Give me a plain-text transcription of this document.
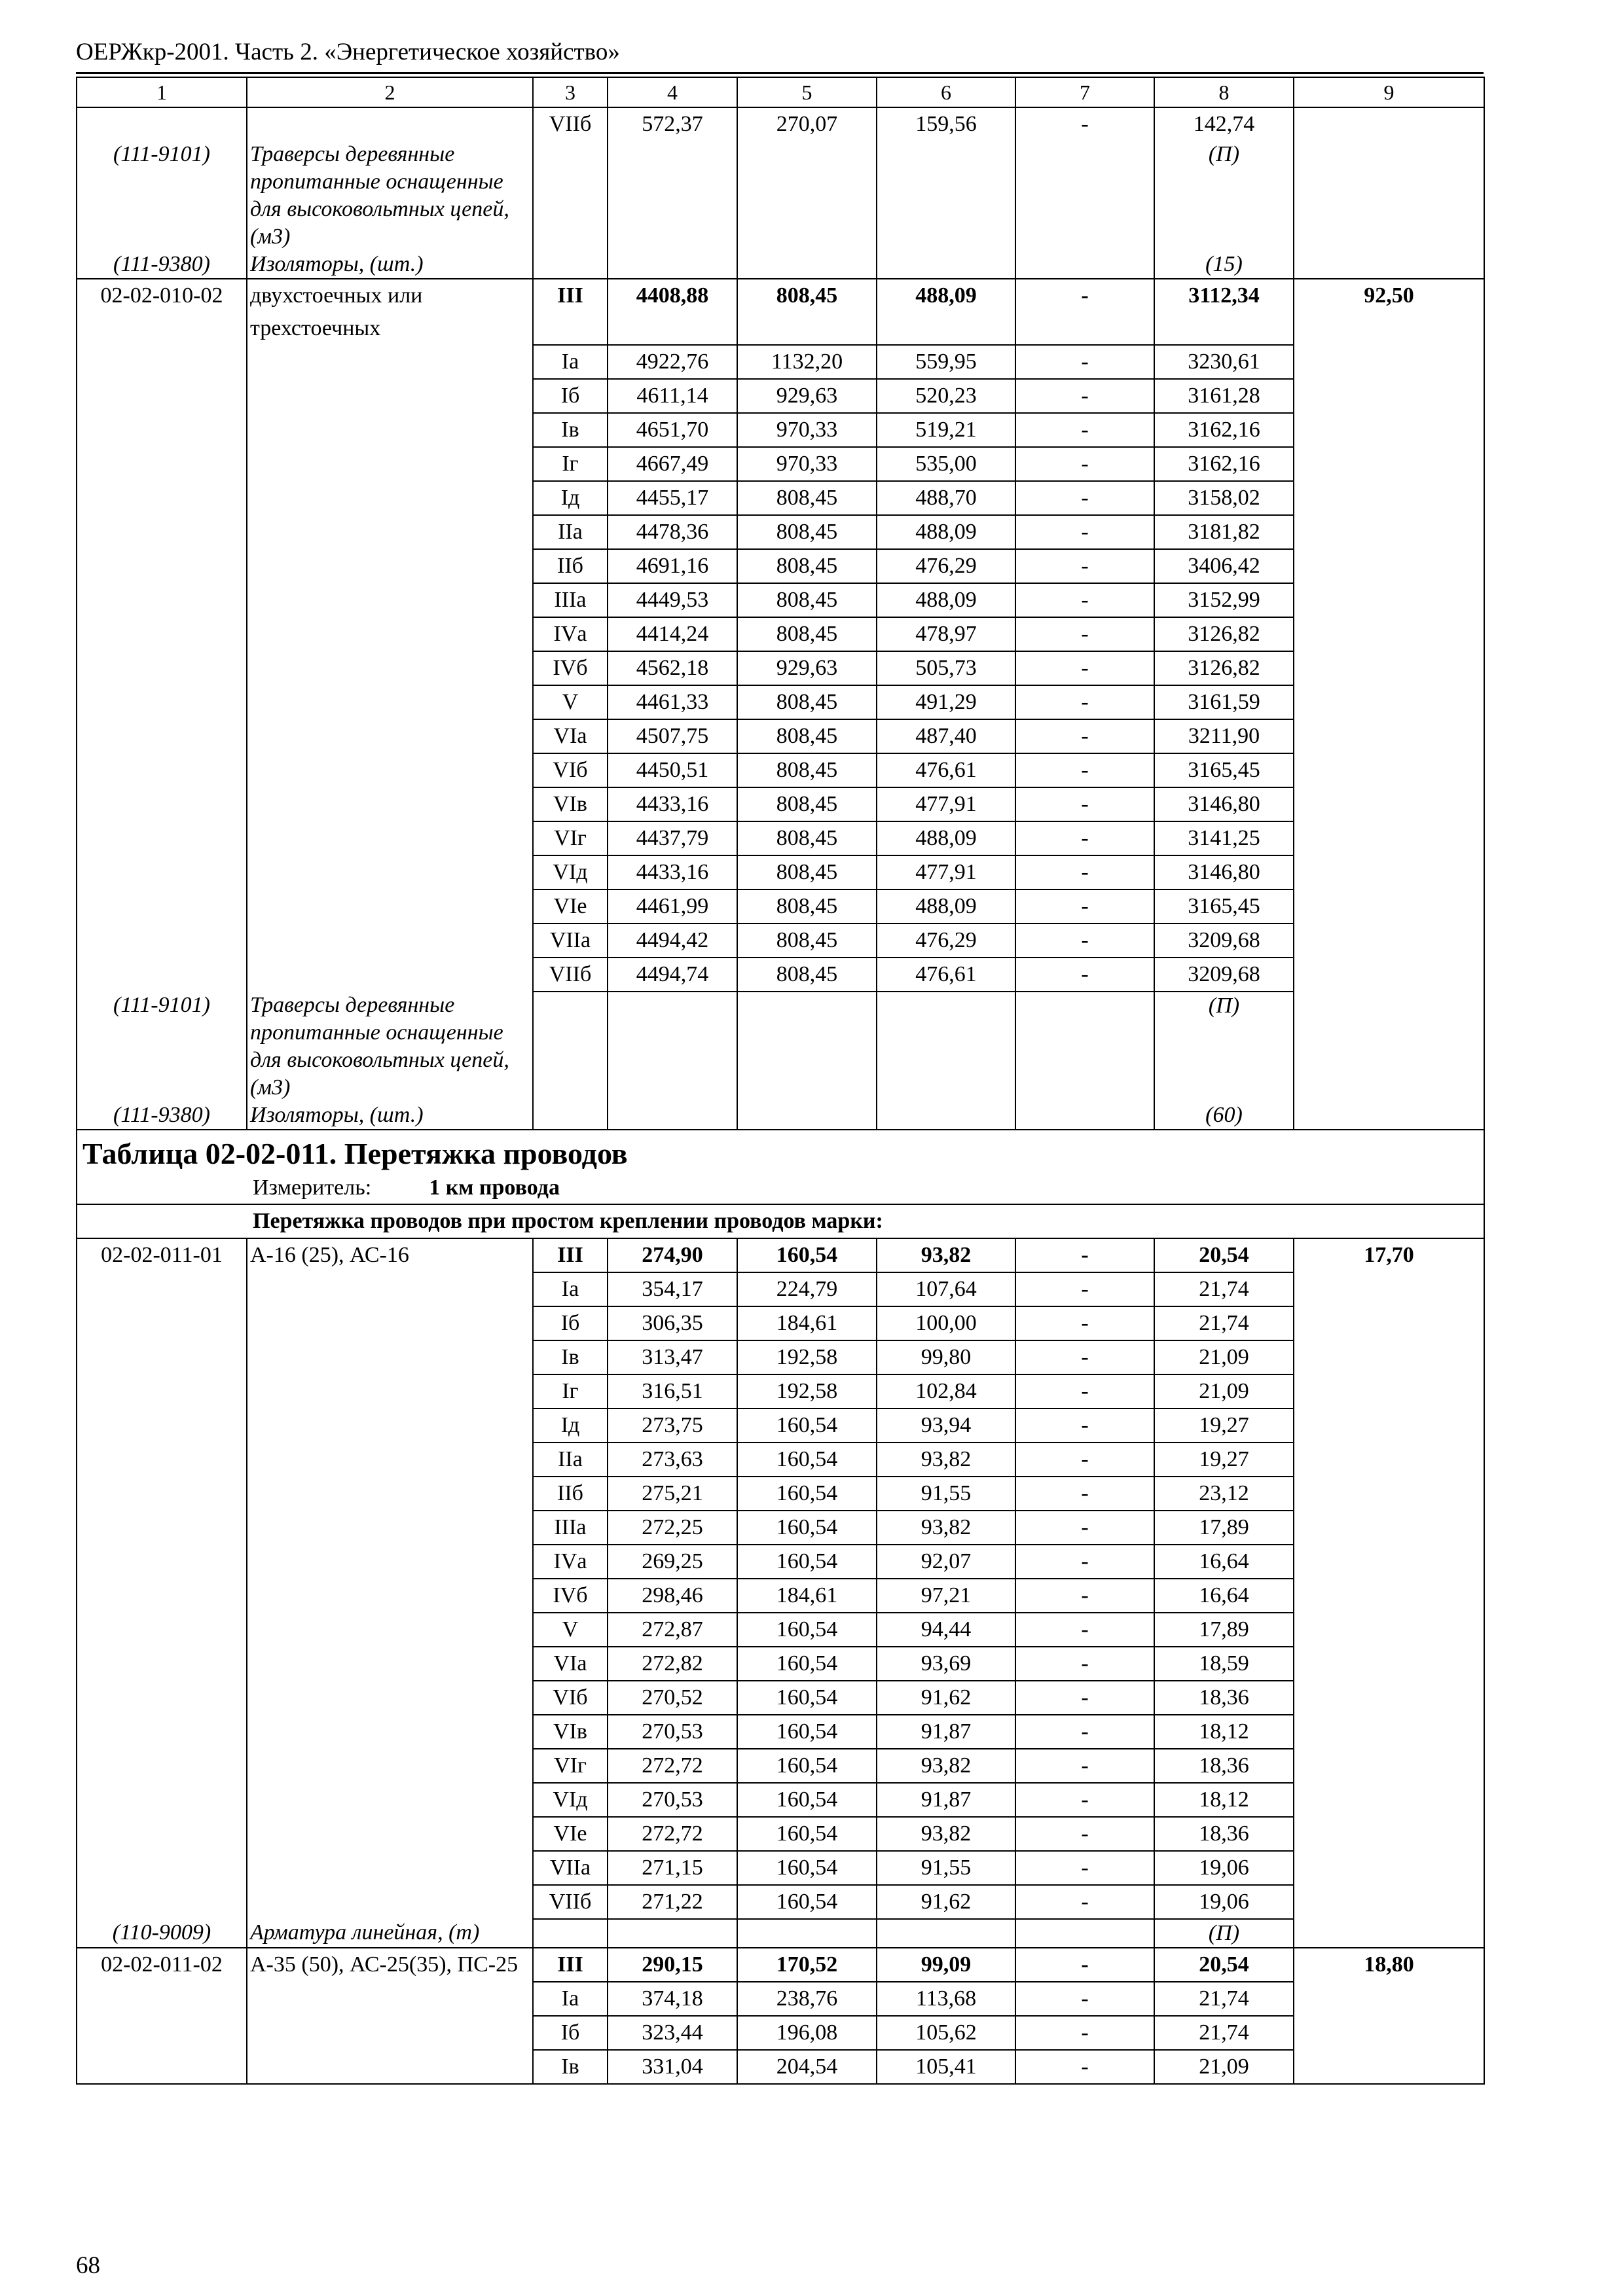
ОЕРЖкр-2001. Часть 2. «Энергетическое хозяйство»
1	2	3	4	5	6	7	8	9
		VIIб	572,37	270,07	159,56	-	142,74	
(111-9101)	Траверсы деревянные пропитанные оснащенные для высоковольтных цепей, (м3)						(П)	
(111-9380)	Изоляторы, (шт.)						(15)	
02-02-010-02	двухстоечных или трехстоечных	III	4408,88	808,45	488,09	-	3112,34	92,50
		Iа	4922,76	1132,20	559,95	-	3230,61	
		Iб	4611,14	929,63	520,23	-	3161,28	
		Iв	4651,70	970,33	519,21	-	3162,16	
		Iг	4667,49	970,33	535,00	-	3162,16	
		Iд	4455,17	808,45	488,70	-	3158,02	
		IIа	4478,36	808,45	488,09	-	3181,82	
		IIб	4691,16	808,45	476,29	-	3406,42	
		IIIа	4449,53	808,45	488,09	-	3152,99	
		IVа	4414,24	808,45	478,97	-	3126,82	
		IVб	4562,18	929,63	505,73	-	3126,82	
		V	4461,33	808,45	491,29	-	3161,59	
		VIа	4507,75	808,45	487,40	-	3211,90	
		VIб	4450,51	808,45	476,61	-	3165,45	
		VIв	4433,16	808,45	477,91	-	3146,80	
		VIг	4437,79	808,45	488,09	-	3141,25	
		VIд	4433,16	808,45	477,91	-	3146,80	
		VIе	4461,99	808,45	488,09	-	3165,45	
		VIIа	4494,42	808,45	476,29	-	3209,68	
		VIIб	4494,74	808,45	476,61	-	3209,68	
(111-9101)	Траверсы деревянные пропитанные оснащенные для высоковольтных цепей, (м3)						(П)	
(111-9380)	Изоляторы, (шт.)						(60)	
Таблица 02-02-011. Перетяжка проводов								
Измеритель: 1 км провода								
Перетяжка проводов при простом креплении проводов марки:								
02-02-011-01	А-16 (25), АС-16	III	274,90	160,54	93,82	-	20,54	17,70
		Iа	354,17	224,79	107,64	-	21,74	
		Iб	306,35	184,61	100,00	-	21,74	
		Iв	313,47	192,58	99,80	-	21,09	
		Iг	316,51	192,58	102,84	-	21,09	
		Iд	273,75	160,54	93,94	-	19,27	
		IIа	273,63	160,54	93,82	-	19,27	
		IIб	275,21	160,54	91,55	-	23,12	
		IIIа	272,25	160,54	93,82	-	17,89	
		IVа	269,25	160,54	92,07	-	16,64	
		IVб	298,46	184,61	97,21	-	16,64	
		V	272,87	160,54	94,44	-	17,89	
		VIа	272,82	160,54	93,69	-	18,59	
		VIб	270,52	160,54	91,62	-	18,36	
		VIв	270,53	160,54	91,87	-	18,12	
		VIг	272,72	160,54	93,82	-	18,36	
		VIд	270,53	160,54	91,87	-	18,12	
		VIе	272,72	160,54	93,82	-	18,36	
		VIIа	271,15	160,54	91,55	-	19,06	
		VIIб	271,22	160,54	91,62	-	19,06	
(110-9009)	Арматура линейная, (т)						(П)	
02-02-011-02	А-35 (50), АС-25(35), ПС-25	III	290,15	170,52	99,09	-	20,54	18,80
		Iа	374,18	238,76	113,68	-	21,74	
		Iб	323,44	196,08	105,62	-	21,74	
		Iв	331,04	204,54	105,41	-	21,09	
68
